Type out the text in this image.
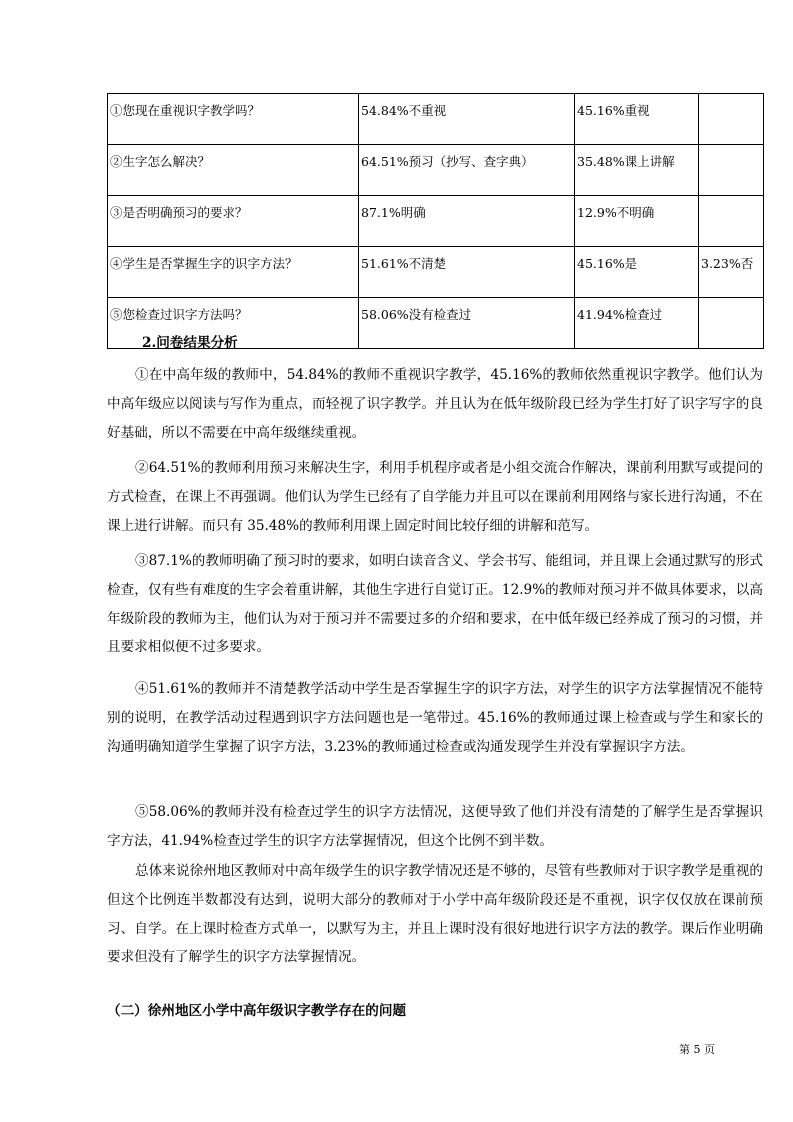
①您现在重视识字教学吗？	54.84%不重视	45.16%重视	
②生字怎么解决？	64.51%预习（抄写、查字典）	35.48%课上讲解	
③是否明确预习的要求？	87.1%明确	12.9%不明确	
④学生是否掌握生字的识字方法？	51.61%不清楚	45.16%是	3.23%否
⑤您检查过识字方法吗？	58.06%没有检查过	41.94%检查过	
2.问卷结果分析
①在中高年级的教师中，54.84%的教师不重视识字教学，45.16%的教师依然重视识字教学。他们认为中高年级应以阅读与写作为重点，而轻视了识字教学。并且认为在低年级阶段已经为学生打好了识字写字的良好基础，所以不需要在中高年级继续重视。
②64.51%的教师利用预习来解决生字，利用手机程序或者是小组交流合作解决，课前利用默写或提问的方式检查，在课上不再强调。他们认为学生已经有了自学能力并且可以在课前利用网络与家长进行沟通，不在课上进行讲解。而只有 35.48%的教师利用课上固定时间比较仔细的讲解和范写。
③87.1%的教师明确了预习时的要求，如明白读音含义、学会书写、能组词，并且课上会通过默写的形式检查，仅有些有难度的生字会着重讲解，其他生字进行自觉订正。12.9%的教师对预习并不做具体要求，以高年级阶段的教师为主，他们认为对于预习并不需要过多的介绍和要求，在中低年级已经养成了预习的习惯，并且要求相似便不过多要求。
④51.61%的教师并不清楚教学活动中学生是否掌握生字的识字方法，对学生的识字方法掌握情况不能特别的说明，在教学活动过程遇到识字方法问题也是一笔带过。45.16%的教师通过课上检查或与学生和家长的沟通明确知道学生掌握了识字方法，3.23%的教师通过检查或沟通发现学生并没有掌握识字方法。
⑤58.06%的教师并没有检查过学生的识字方法情况，这便导致了他们并没有清楚的了解学生是否掌握识字方法，41.94%检查过学生的识字方法掌握情况，但这个比例不到半数。
总体来说徐州地区教师对中高年级学生的识字教学情况还是不够的，尽管有些教师对于识字教学是重视的但这个比例连半数都没有达到，说明大部分的教师对于小学中高年级阶段还是不重视，识字仅仅放在课前预习、自学。在上课时检查方式单一，以默写为主，并且上课时没有很好地进行识字方法的教学。课后作业明确要求但没有了解学生的识字方法掌握情况。
（二）徐州地区小学中高年级识字教学存在的问题
第 5 页
